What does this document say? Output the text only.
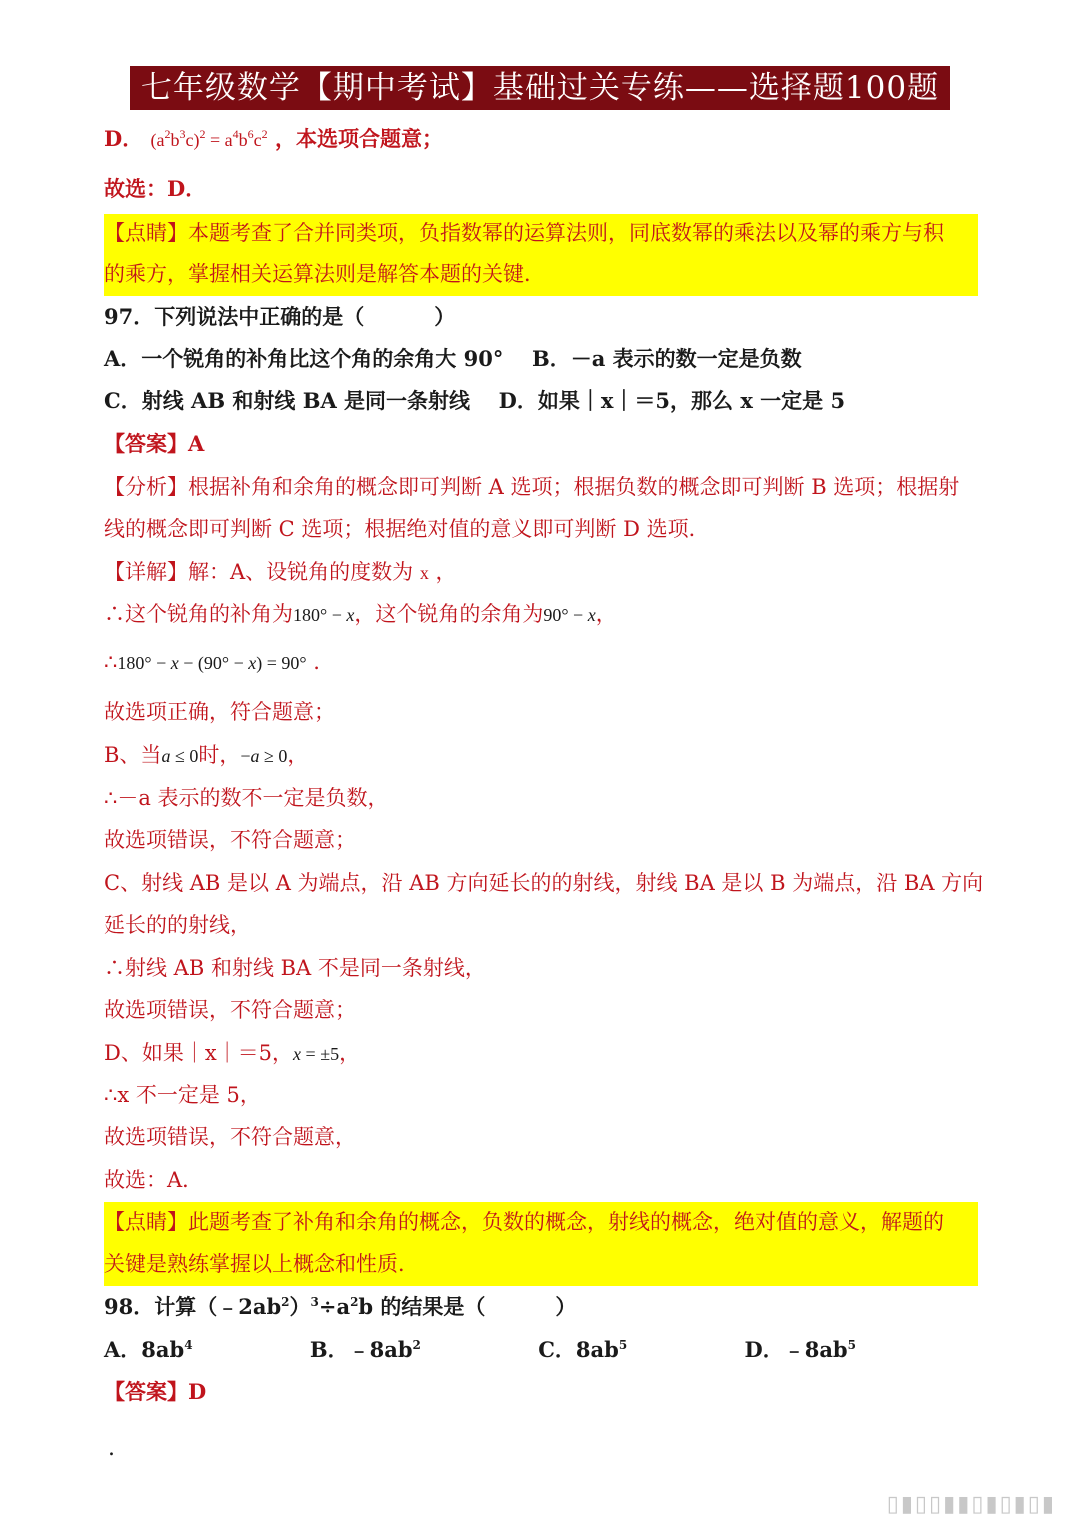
七年级数学【期中考试】基础过关专练——选择题100题
D． $(a^2b^3c)^2 = a^4b^6c^2$ ，本选项合题意；
故选：D．
【点睛】本题考查了合并同类项，负指数幂的运算法则，同底数幂的乘法以及幂的乘方与积
的乘方，掌握相关运算法则是解答本题的关键．
97．下列说法中正确的是（	）
A．一个锐角的补角比这个角的余角大 90° B．－a 表示的数一定是负数
C．射线 AB 和射线 BA 是同一条射线 D．如果｜x｜＝5，那么 x 一定是 5
【答案】A
【分析】根据补角和余角的概念即可判断 A 选项；根据负数的概念即可判断 B 选项；根据射
线的概念即可判断 C 选项；根据绝对值的意义即可判断 D 选项．
【详解】解：A、设锐角的度数为 x ，
∴这个锐角的补角为180° − x，这个锐角的余角为90° − x，
∴180° − x − (90° − x) = 90° .
故选项正确，符合题意；
B、当a ≤ 0时，−a ≥ 0，
∴－a 表示的数不一定是负数，
故选项错误，不符合题意；
C、射线 AB 是以 A 为端点，沿 AB 方向延长的的射线，射线 BA 是以 B 为端点，沿 BA 方向
延长的的射线，
∴射线 AB 和射线 BA 不是同一条射线，
故选项错误，不符合题意；
D、如果｜x｜＝5，x = ±5，
∴x 不一定是 5，
故选项错误，不符合题意，
故选：A．
【点睛】此题考查了补角和余角的概念，负数的概念，射线的概念，绝对值的意义，解题的
关键是熟练掌握以上概念和性质．
98．计算$(﹣2ab^2)^3\div a^2b$ 的结果是（	）
A．$8ab^4$	B．$﹣8ab^2$	C．$8ab^5$	D．$﹣8ab^5$
【答案】D
.
▯▮▯▯▮▮▯▮▯▮▯▮
